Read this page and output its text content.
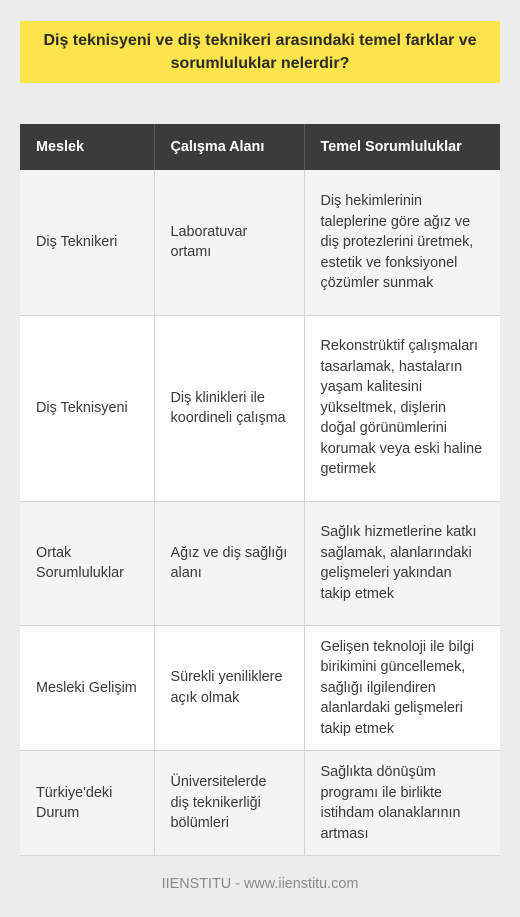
Diş teknisyeni ve diş teknikeri arasındaki temel farklar ve sorumluluklar nelerdir?
Meslek	Çalışma Alanı	Temel Sorumluluklar
Diş Teknikeri	Laboratuvar ortamı	Diş hekimlerinin taleplerine göre ağız ve diş protezlerini üretmek, estetik ve fonksiyonel çözümler sunmak
Diş Teknisyeni	Diş klinikleri ile koordineli çalışma	Rekonstrüktif çalışmaları tasarlamak, hastaların yaşam kalitesini yükseltmek, dişlerin doğal görünümlerini korumak veya eski haline getirmek
Ortak Sorumluluklar	Ağız ve diş sağlığı alanı	Sağlık hizmetlerine katkı sağlamak, alanlarındaki gelişmeleri yakından takip etmek
Mesleki Gelişim	Sürekli yeniliklere açık olmak	Gelişen teknoloji ile bilgi birikimini güncellemek, sağlığı ilgilendiren alanlardaki gelişmeleri takip etmek
Türkiye'deki Durum	Üniversitelerde diş teknikerliği bölümleri	Sağlıkta dönüşüm programı ile birlikte istihdam olanaklarının artması
IIENSTITU - www.iienstitu.com
